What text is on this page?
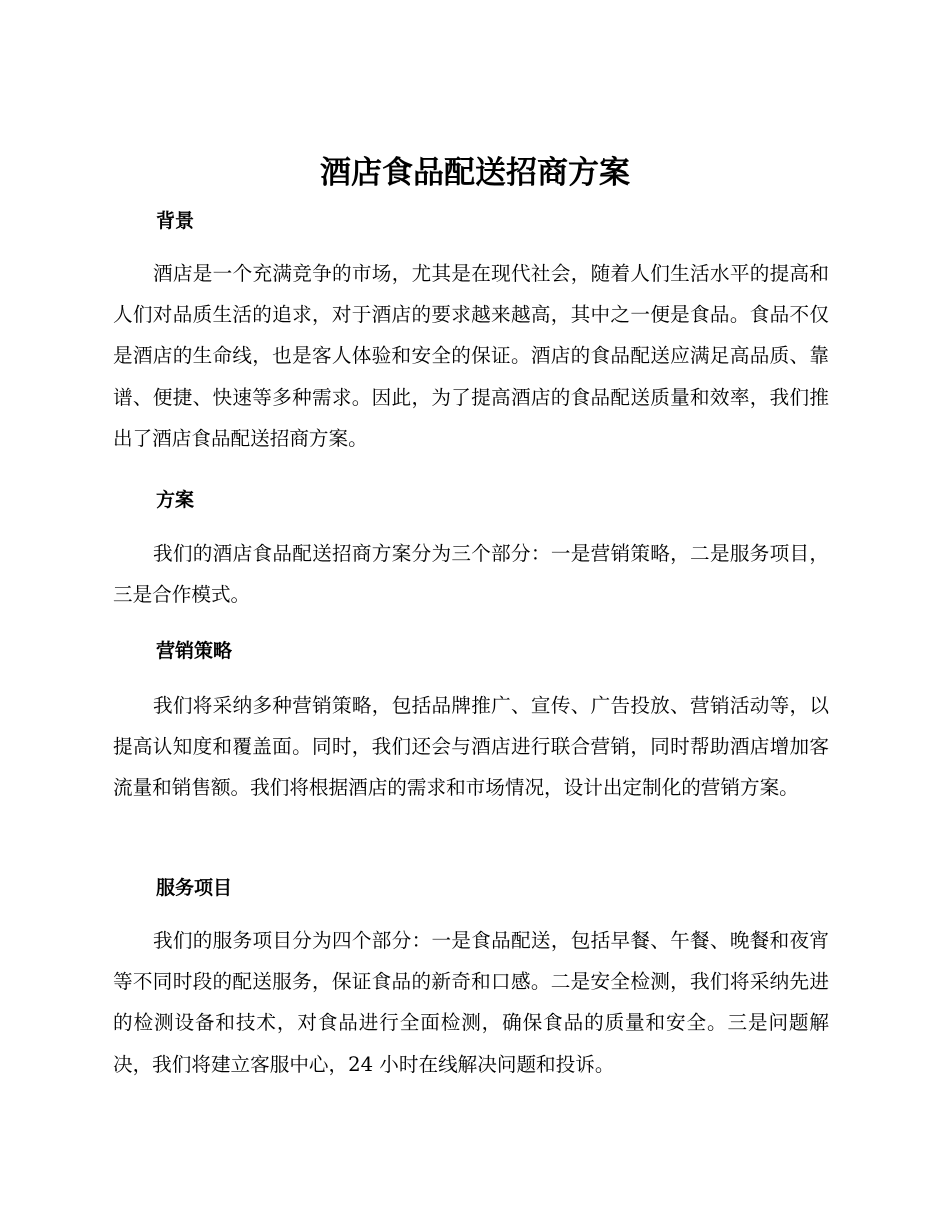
酒店食品配送招商方案
背景

酒店是一个充满竞争的市场，尤其是在现代社会，随着人们生活水平的提高和人们对品质生活的追求，对于酒店的要求越来越高，其中之一便是食品。食品不仅是酒店的生命线，也是客人体验和安全的保证。酒店的食品配送应满足高品质、靠谱、便捷、快速等多种需求。因此，为了提高酒店的食品配送质量和效率，我们推出了酒店食品配送招商方案。

方案

我们的酒店食品配送招商方案分为三个部分：一是营销策略，二是服务项目，三是合作模式。

营销策略

我们将采纳多种营销策略，包括品牌推广、宣传、广告投放、营销活动等，以提高认知度和覆盖面。同时，我们还会与酒店进行联合营销，同时帮助酒店增加客流量和销售额。我们将根据酒店的需求和市场情况，设计出定制化的营销方案。

服务项目

我们的服务项目分为四个部分：一是食品配送，包括早餐、午餐、晚餐和夜宵等不同时段的配送服务，保证食品的新奇和口感。二是安全检测，我们将采纳先进的检测设备和技术，对食品进行全面检测，确保食品的质量和安全。三是问题解决，我们将建立客服中心，24 小时在线解决问题和投诉。
